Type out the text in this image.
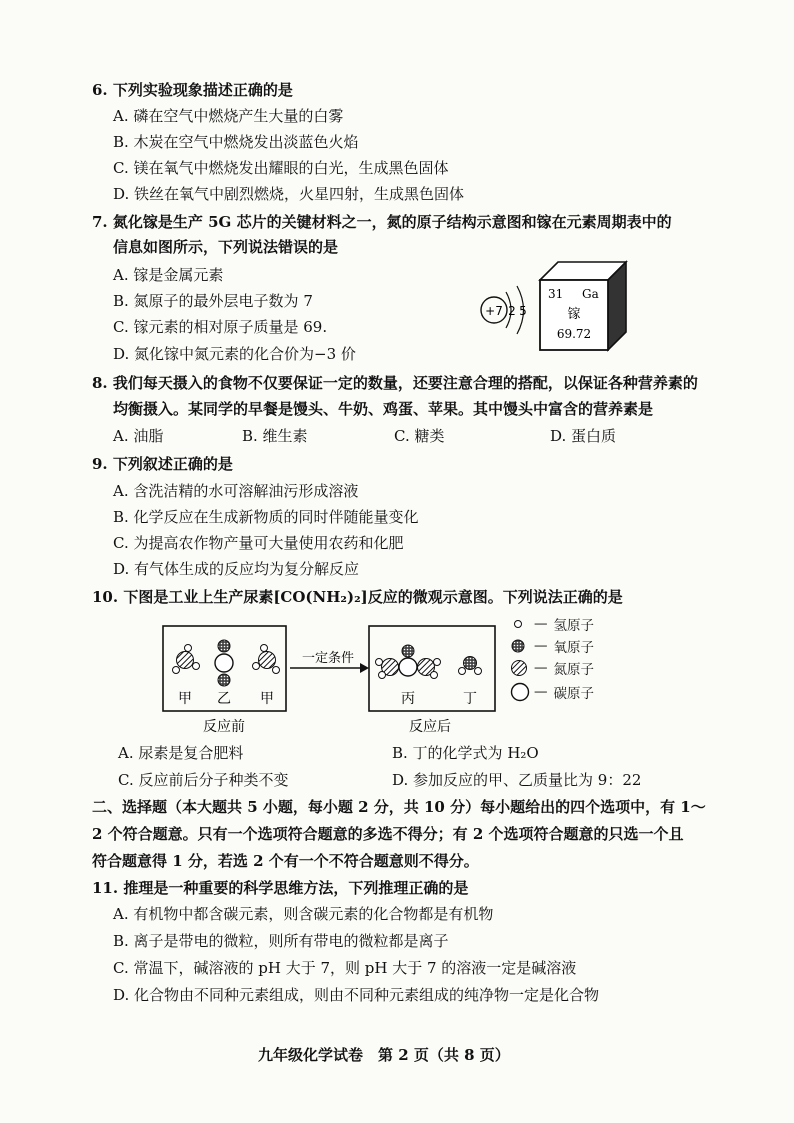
6. 下列实验现象描述正确的是
A. 磷在空气中燃烧产生大量的白雾
B. 木炭在空气中燃烧发出淡蓝色火焰
C. 镁在氧气中燃烧发出耀眼的白光，生成黑色固体
D. 铁丝在氧气中剧烈燃烧，火星四射，生成黑色固体
7. 氮化镓是生产 5G 芯片的关键材料之一，氮的原子结构示意图和镓在元素周期表中的
信息如图所示，下列说法错误的是
A. 镓是金属元素
B. 氮原子的最外层电子数为 7
C. 镓元素的相对原子质量是 69.
D. 氮化镓中氮元素的化合价为−3 价
+7 2 5
31 Ga
镓
69.72
8. 我们每天摄入的食物不仅要保证一定的数量，还要注意合理的搭配，以保证各种营养素的
均衡摄入。某同学的早餐是馒头、牛奶、鸡蛋、苹果。其中馒头中富含的营养素是
A. 油脂	B. 维生素	C. 糖类	D. 蛋白质
9. 下列叙述正确的是
A. 含洗洁精的水可溶解油污形成溶液
B. 化学反应在生成新物质的同时伴随能量变化
C. 为提高农作物产量可大量使用农药和化肥
D. 有气体生成的反应均为复分解反应
10. 下图是工业上生产尿素[CO(NH₂)₂]反应的微观示意图。下列说法正确的是
甲 乙 甲
反应前
一定条件
丙	丁
反应后
— 氢原子
— 氧原子
— 氮原子
— 碳原子
A. 尿素是复合肥料	B. 丁的化学式为 H₂O
C. 反应前后分子种类不变	D. 参加反应的甲、乙质量比为 9：22
二、选择题（本大题共 5 小题，每小题 2 分，共 10 分）每小题给出的四个选项中，有 1～
2 个符合题意。只有一个选项符合题意的多选不得分；有 2 个选项符合题意的只选一个且
符合题意得 1 分，若选 2 个有一个不符合题意则不得分。
11. 推理是一种重要的科学思维方法，下列推理正确的是
A. 有机物中都含碳元素，则含碳元素的化合物都是有机物
B. 离子是带电的微粒，则所有带电的微粒都是离子
C. 常温下，碱溶液的 pH 大于 7，则 pH 大于 7 的溶液一定是碱溶液
D. 化合物由不同种元素组成，则由不同种元素组成的纯净物一定是化合物
九年级化学试卷　第 2 页（共 8 页）
